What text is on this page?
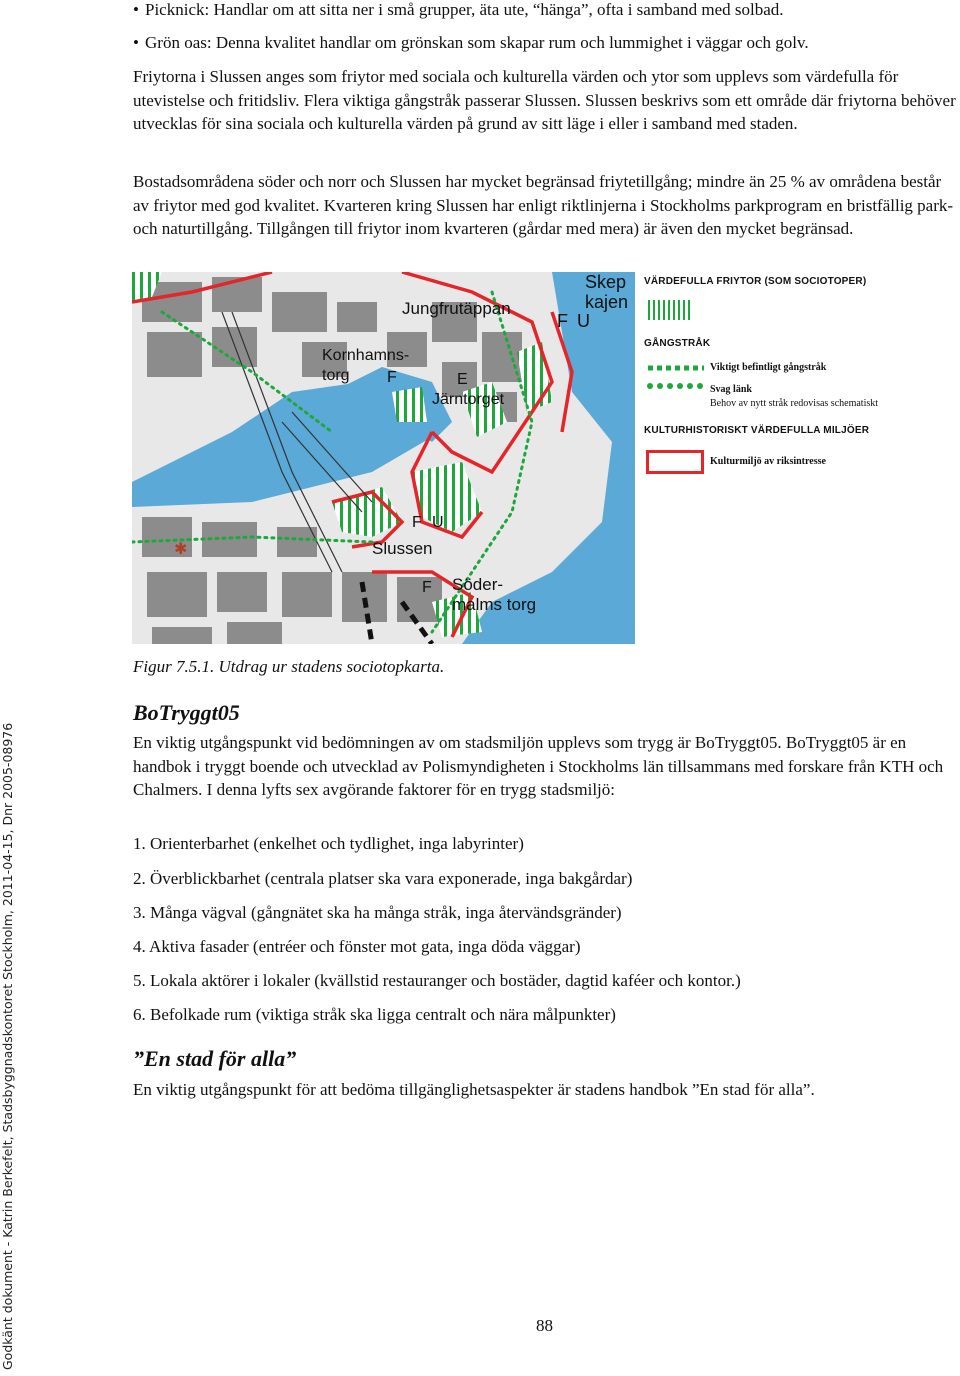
• Picknick: Handlar om att sitta ner i små grupper, äta ute, “hänga”, ofta i samband med solbad.

• Grön oas: Denna kvalitet handlar om grönskan som skapar rum och lummighet i väggar och golv.

Friytorna i Slussen anges som friytor med sociala och kulturella värden och ytor som upplevs som värdefulla för utevistelse och fritidsliv. Flera viktiga gångstråk passerar Slussen. Slussen beskrivs som ett område där friytorna behöver utvecklas för sina sociala och kulturella värden på grund av sitt läge i eller i samband med staden.

Bostadsområdena söder och norr och Slussen har mycket begränsad friytetillgång; mindre än 25 % av områdena består av friytor med god kvalitet. Kvarteren kring Slussen har enligt riktlinjerna i Stockholms parkprogram en bristfällig park- och naturtillgång. Tillgången till friytor inom kvarteren (gårdar med mera) är även den mycket begränsad.

Skep
kajen
Jungfrutäppan
Kornhamns-
torg
Järntorget
Slussen
Söder-
malms torg
F U
F	E
F
F
U
✱
VÄRDEFULLA FRIYTOR (SOM SOCIOTOPER)
GÅNGSTRÅK
Viktigt befintligt gångstråk
Svag länk
Behov av nytt stråk redovisas schematiskt
KULTURHISTORISKT VÄRDEFULLA MILJÖER
Kulturmiljö av riksintresse

Figur 7.5.1. Utdrag ur stadens sociotopkarta.

BoTryggt05

En viktig utgångspunkt vid bedömningen av om stadsmiljön upplevs som trygg är BoTryggt05. BoTryggt05 är en handbok i tryggt boende och utvecklad av Polismyndigheten i Stockholms län tillsammans med forskare från KTH och Chalmers. I denna lyfts sex avgörande faktorer för en trygg stadsmiljö:

1. Orienterbarhet (enkelhet och tydlighet, inga labyrinter)

2. Överblickbarhet (centrala platser ska vara exponerade, inga bakgårdar)

3. Många vägval (gångnätet ska ha många stråk, inga återvändsgränder)

4. Aktiva fasader (entréer och fönster mot gata, inga döda väggar)

5. Lokala aktörer i lokaler (kvällstid restauranger och bostäder, dagtid kaféer och kontor.)

6. Befolkade rum (viktiga stråk ska ligga centralt och nära målpunkter)

”En stad för alla”

En viktig utgångspunkt för att bedöma tillgänglighetsaspekter är stadens handbok ”En stad för alla”.

Godkänt dokument - Katrin Berkefelt, Stadsbyggnadskontoret Stockholm, 2011-04-15, Dnr 2005-08976	88
